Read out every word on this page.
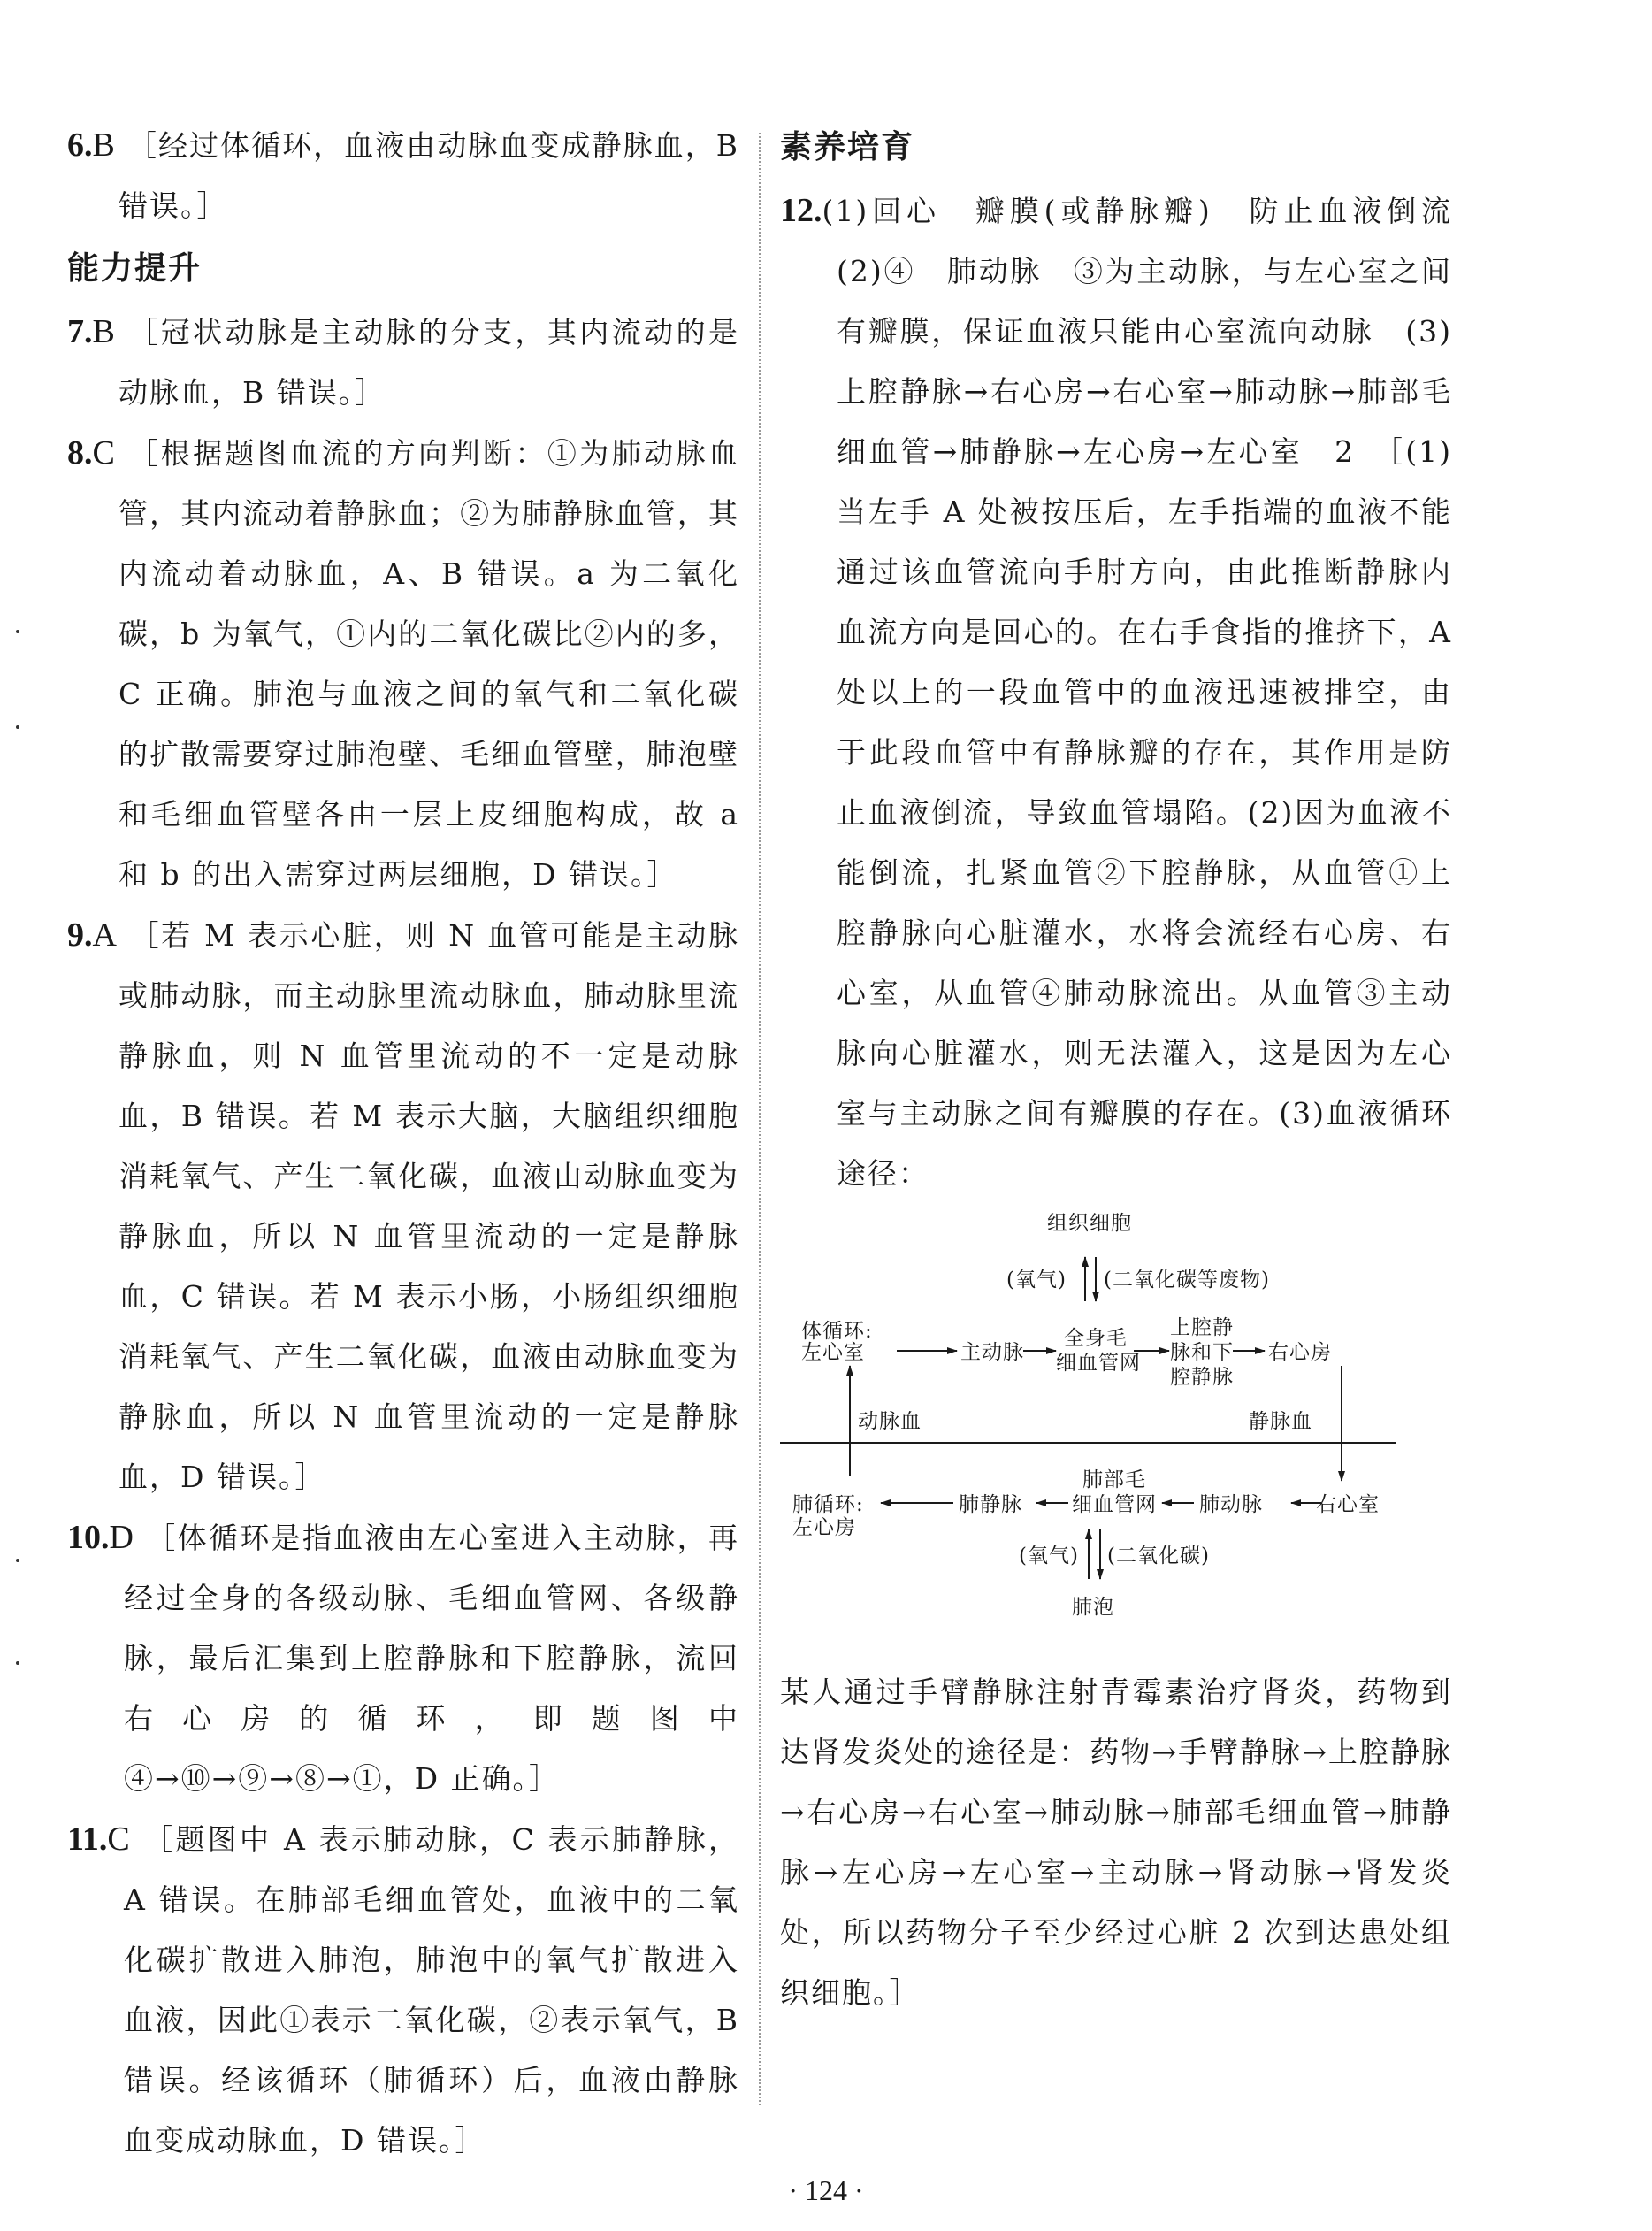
6.B ［经过体循环，血液由动脉血变成静脉血，B 错误。］

能力提升

7.B ［冠状动脉是主动脉的分支，其内流动的是动脉血，B 错误。］

8.C ［根据题图血流的方向判断：①为肺动脉血管，其内流动着静脉血；②为肺静脉血管，其内流动着动脉血，A、B 错误。a 为二氧化碳，b 为氧气，①内的二氧化碳比②内的多，C 正确。肺泡与血液之间的氧气和二氧化碳的扩散需要穿过肺泡壁、毛细血管壁，肺泡壁和毛细血管壁各由一层上皮细胞构成，故 a 和 b 的出入需穿过两层细胞，D 错误。］

9.A ［若 M 表示心脏，则 N 血管可能是主动脉或肺动脉，而主动脉里流动脉血，肺动脉里流静脉血，则 N 血管里流动的不一定是动脉血，B 错误。若 M 表示大脑，大脑组织细胞消耗氧气、产生二氧化碳，血液由动脉血变为静脉血，所以 N 血管里流动的一定是静脉血，C 错误。若 M 表示小肠，小肠组织细胞消耗氧气、产生二氧化碳，血液由动脉血变为静脉血，所以 N 血管里流动的一定是静脉血，D 错误。］

10.D ［体循环是指血液由左心室进入主动脉，再经过全身的各级动脉、毛细血管网、各级静脉，最后汇集到上腔静脉和下腔静脉，流回右心房的循环，即题图中④→⑩→⑨→⑧→①，D 正确。］

11.C ［题图中 A 表示肺动脉，C 表示肺静脉，A 错误。在肺部毛细血管处，血液中的二氧化碳扩散进入肺泡，肺泡中的氧气扩散进入血液，因此①表示二氧化碳，②表示氧气，B 错误。经该循环（肺循环）后，血液由静脉血变成动脉血，D 错误。］

素养培育

12.(1)回心　瓣膜(或静脉瓣)　防止血液倒流　(2)④　肺动脉　③为主动脉，与左心室之间有瓣膜，保证血液只能由心室流向动脉　(3)上腔静脉→右心房→右心室→肺动脉→肺部毛细血管→肺静脉→左心房→左心室　2　［(1)当左手 A 处被按压后，左手指端的血液不能通过该血管流向手肘方向，由此推断静脉内血流方向是回心的。在右手食指的推挤下，A 处以上的一段血管中的血液迅速被排空，由于此段血管中有静脉瓣的存在，其作用是防止血液倒流，导致血管塌陷。(2)因为血液不能倒流，扎紧血管②下腔静脉，从血管①上腔静脉向心脏灌水，水将会流经右心房、右心室，从血管④肺动脉流出。从血管③主动脉向心脏灌水，则无法灌入，这是因为左心室与主动脉之间有瓣膜的存在。(3)血液循环途径：

组织细胞
(氧气) (二氧化碳等废物)
体循环:
左心室	主动脉
全身毛
细血管网
上腔静
脉和下
腔静脉
右心房
动脉血	静脉血
肺循环:
左心房
肺静脉
肺部毛
细血管网 肺动脉	右心室
(氧气) (二氧化碳)
肺泡

某人通过手臂静脉注射青霉素治疗肾炎，药物到达肾发炎处的途径是：药物→手臂静脉→上腔静脉→右心房→右心室→肺动脉→肺部毛细血管→肺静脉→左心房→左心室→主动脉→肾动脉→肾发炎处，所以药物分子至少经过心脏 2 次到达患处组织细胞。］

· 124 ·
